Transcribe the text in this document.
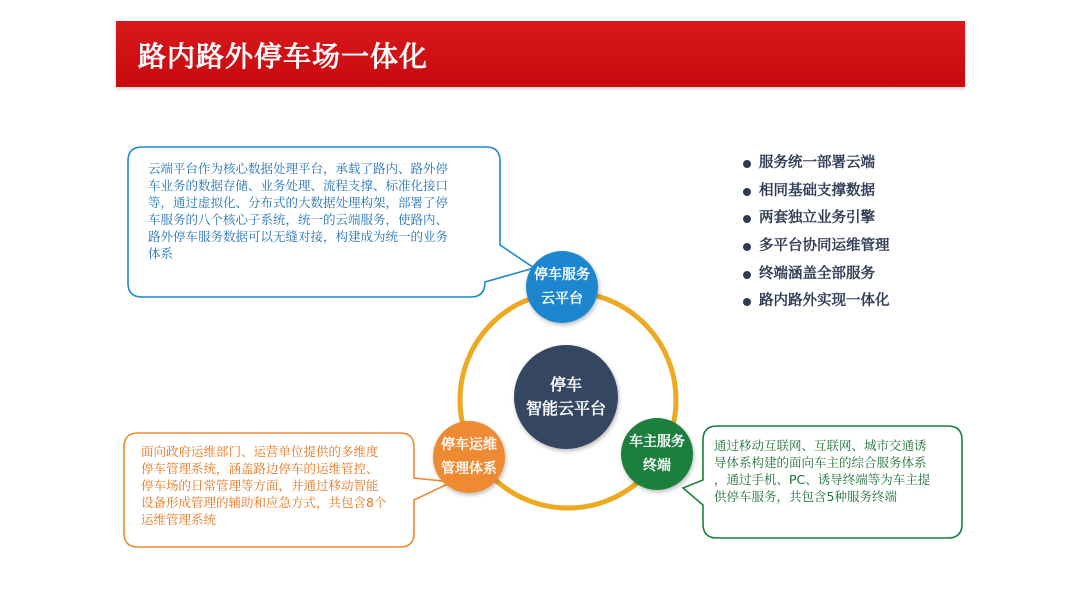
路内路外停车场一体化
停车
智能云平台
停车服务
云平台
停车运维
管理体系
车主服务
终端
云端平台作为核心数据处理平台，承载了路内、路外停
车业务的数据存储、业务处理、流程支撑、标准化接口
等，通过虚拟化、分布式的大数据处理构架，部署了停
车服务的八个核心子系统，统一的云端服务，使路内、
路外停车服务数据可以无缝对接，构建成为统一的业务
体系
面向政府运维部门、运营单位提供的多维度
停车管理系统，涵盖路边停车的运维管控、
停车场的日常管理等方面，并通过移动智能
设备形成管理的辅助和应急方式，共包含8个
运维管理系统
通过移动互联网、互联网、城市交通诱
导体系构建的面向车主的综合服务体系
，通过手机、PC、诱导终端等为车主提
供停车服务，共包含5种服务终端
服务统一部署云端
相同基础支撑数据
两套独立业务引擎
多平台协同运维管理
终端涵盖全部服务
路内路外实现一体化
